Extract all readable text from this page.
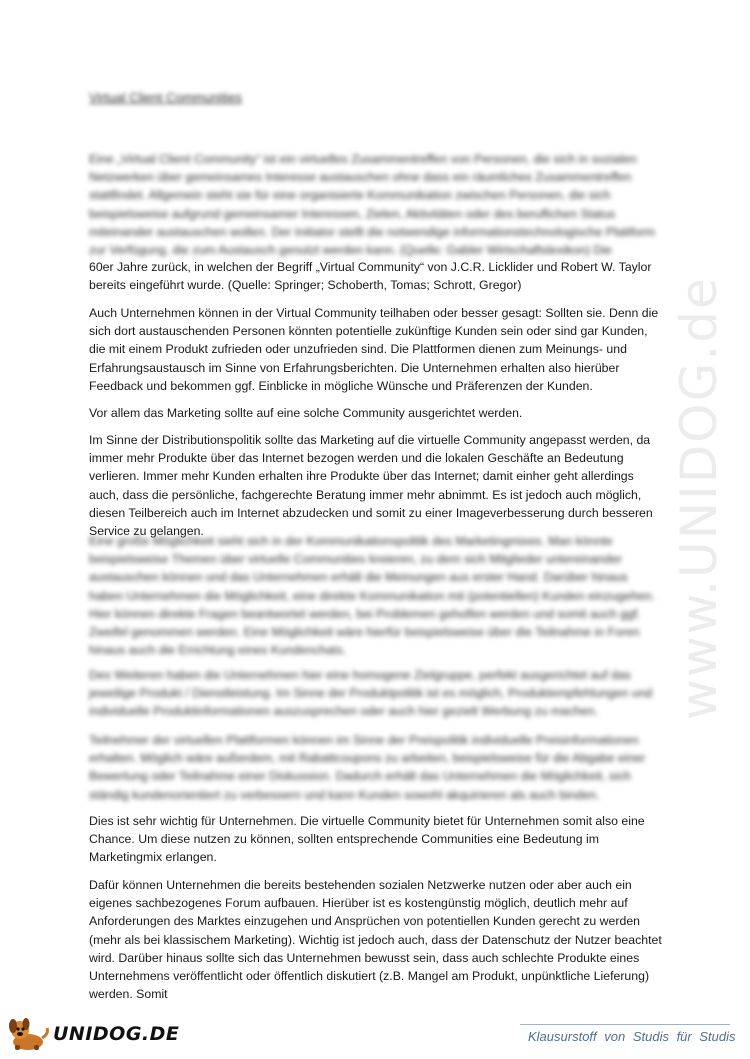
www.UNIDOG.de
Virtual Client Communities

Eine „Virtual Client Community“ ist ein virtuelles Zusammentreffen von Personen, die sich in sozialen Netzwerken über gemeinsames Interesse austauschen ohne dass ein räumliches Zusammentreffen stattfindet. Allgemein steht sie für eine organisierte Kommunikation zwischen Personen, die sich beispielsweise aufgrund gemeinsamer Interessen, Zielen, Aktivitäten oder des beruflichen Status miteinander austauschen wollen. Der Initiator stellt die notwendige informationstechnologische Plattform zur Verfügung, die zum Austausch genutzt werden kann. (Quelle: Gabler Wirtschaftslexikon) Die

60er Jahre zurück, in welchen der Begriff „Virtual Community“ von J.C.R. Licklider und Robert W. Taylor

bereits eingeführt wurde. (Quelle: Springer; Schoberth, Tomas; Schrott, Gregor)

Auch Unternehmen können in der Virtual Community teilhaben oder besser gesagt: Sollten sie. Denn die sich dort austauschenden Personen könnten potentielle zukünftige Kunden sein oder sind gar Kunden, die mit einem Produkt zufrieden oder unzufrieden sind. Die Plattformen dienen zum Meinungs- und Erfahrungsaustausch im Sinne von Erfahrungsberichten. Die Unternehmen erhalten also hierüber Feedback und bekommen ggf. Einblicke in mögliche Wünsche und Präferenzen der Kunden.

Vor allem das Marketing sollte auf eine solche Community ausgerichtet werden.

Im Sinne der Distributionspolitik sollte das Marketing auf die virtuelle Community angepasst werden, da immer mehr Produkte über das Internet bezogen werden und die lokalen Geschäfte an Bedeutung verlieren. Immer mehr Kunden erhalten ihre Produkte über das Internet; damit einher geht allerdings auch, dass die persönliche, fachgerechte Beratung immer mehr abnimmt. Es ist jedoch auch möglich, diesen Teilbereich auch im Internet abzudecken und somit zu einer Imageverbesserung durch besseren Service zu gelangen.

Eine große Möglichkeit sieht sich in der Kommunikationspolitik des Marketingmixes. Man könnte beispielsweise Themen über virtuelle Communities kreieren, zu dem sich Mitglieder untereinander austauschen können und das Unternehmen erhält die Meinungen aus erster Hand. Darüber hinaus haben Unternehmen die Möglichkeit, eine direkte Kommunikation mit (potentiellen) Kunden einzugehen. Hier können direkte Fragen beantwortet werden, bei Problemen geholfen werden und somit auch ggf. Zweifel genommen werden. Eine Möglichkeit wäre hierfür beispielsweise über die Teilnahme in Foren hinaus auch die Errichtung eines Kundenchats.

Des Weiteren haben die Unternehmen hier eine homogene Zielgruppe, perfekt ausgerichtet auf das jeweilige Produkt / Dienstleistung. Im Sinne der Produktpolitik ist es möglich, Produktempfehlungen und individuelle Produktinformationen auszusprechen oder auch hier gezielt Werbung zu machen.

Teilnehmer der virtuellen Plattformen können im Sinne der Preispolitik individuelle Preisinformationen erhalten. Möglich wäre außerdem, mit Rabattcoupons zu arbeiten, beispielsweise für die Abgabe einer Bewertung oder Teilnahme einer Diskussion. Dadurch erhält das Unternehmen die Möglichkeit, sich ständig kundenorientiert zu verbessern und kann Kunden sowohl akquirieren als auch binden.

Dies ist sehr wichtig für Unternehmen. Die virtuelle Community bietet für Unternehmen somit also eine Chance. Um diese nutzen zu können, sollten entsprechende Communities eine Bedeutung im Marketingmix erlangen.

Dafür können Unternehmen die bereits bestehenden sozialen Netzwerke nutzen oder aber auch ein eigenes sachbezogenes Forum aufbauen. Hierüber ist es kostengünstig möglich, deutlich mehr auf Anforderungen des Marktes einzugehen und Ansprüchen von potentiellen Kunden gerecht zu werden (mehr als bei klassischem Marketing). Wichtig ist jedoch auch, dass der Datenschutz der Nutzer beachtet wird. Darüber hinaus sollte sich das Unternehmen bewusst sein, dass auch schlechte Produkte eines Unternehmens veröffentlicht oder öffentlich diskutiert (z.B. Mangel am Produkt, unpünktliche Lieferung) werden. Somit

UNIDOG.DE	Klausurstoff von Studis für Studis
